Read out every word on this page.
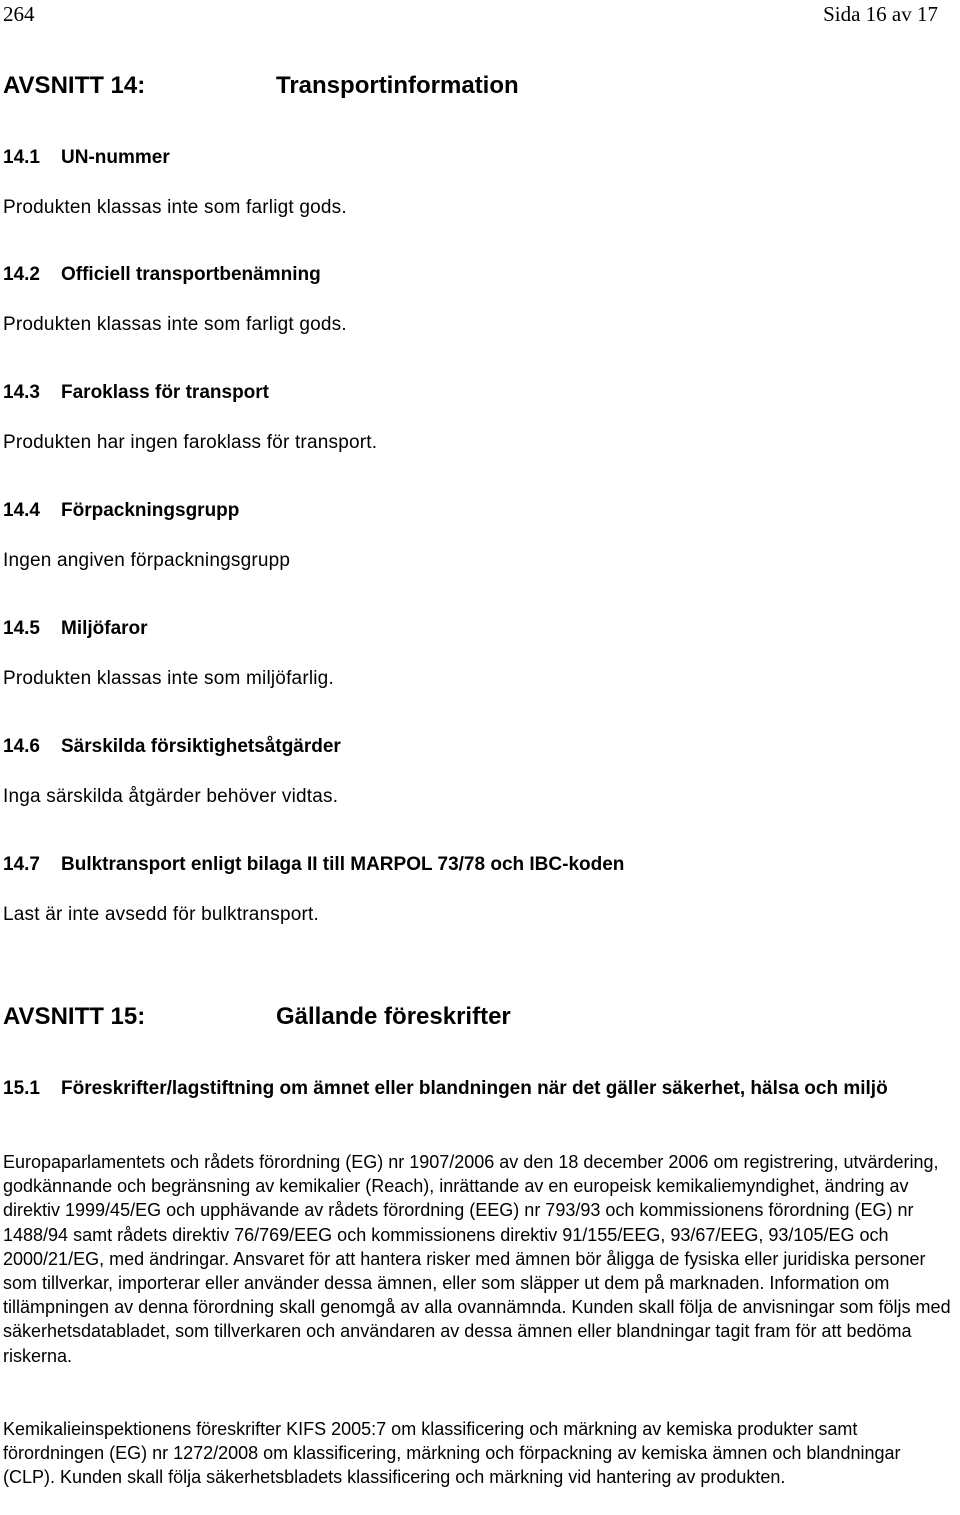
264	Sida 16 av 17
AVSNITT 14:	Transportinformation
14.1 UN-nummer
Produkten klassas inte som farligt gods.
14.2 Officiell transportbenämning
Produkten klassas inte som farligt gods.
14.3 Faroklass för transport
Produkten har ingen faroklass för transport.
14.4 Förpackningsgrupp
Ingen angiven förpackningsgrupp
14.5 Miljöfaror
Produkten klassas inte som miljöfarlig.
14.6 Särskilda försiktighetsåtgärder
Inga särskilda åtgärder behöver vidtas.
14.7 Bulktransport enligt bilaga II till MARPOL 73/78 och IBC-koden
Last är inte avsedd för bulktransport.
AVSNITT 15:	Gällande föreskrifter
15.1	Föreskrifter/lagstiftning om ämnet eller blandningen när det gäller säkerhet, hälsa och miljö
Europaparlamentets och rådets förordning (EG) nr 1907/2006 av den 18 december 2006 om registrering, utvärdering, godkännande och begränsning av kemikalier (Reach), inrättande av en europeisk kemikaliemyndighet, ändring av direktiv 1999/45/EG och upphävande av rådets förordning (EEG) nr 793/93 och kommissionens förordning (EG) nr 1488/94 samt rådets direktiv 76/769/EEG och kommissionens direktiv 91/155/EEG, 93/67/EEG, 93/105/EG och 2000/21/EG, med ändringar. Ansvaret för att hantera risker med ämnen bör åligga de fysiska eller juridiska personer som tillverkar, importerar eller använder dessa ämnen, eller som släpper ut dem på marknaden. Information om tillämpningen av denna förordning skall genomgå av alla ovannämnda. Kunden skall följa de anvisningar som följs med säkerhetsdatabladet, som tillverkaren och användaren av dessa ämnen eller blandningar tagit fram för att bedöma riskerna.
Kemikalieinspektionens föreskrifter KIFS 2005:7 om klassificering och märkning av kemiska produkter samt förordningen (EG) nr 1272/2008 om klassificering, märkning och förpackning av kemiska ämnen och blandningar (CLP). Kunden skall följa säkerhetsbladets klassificering och märkning vid hantering av produkten.
